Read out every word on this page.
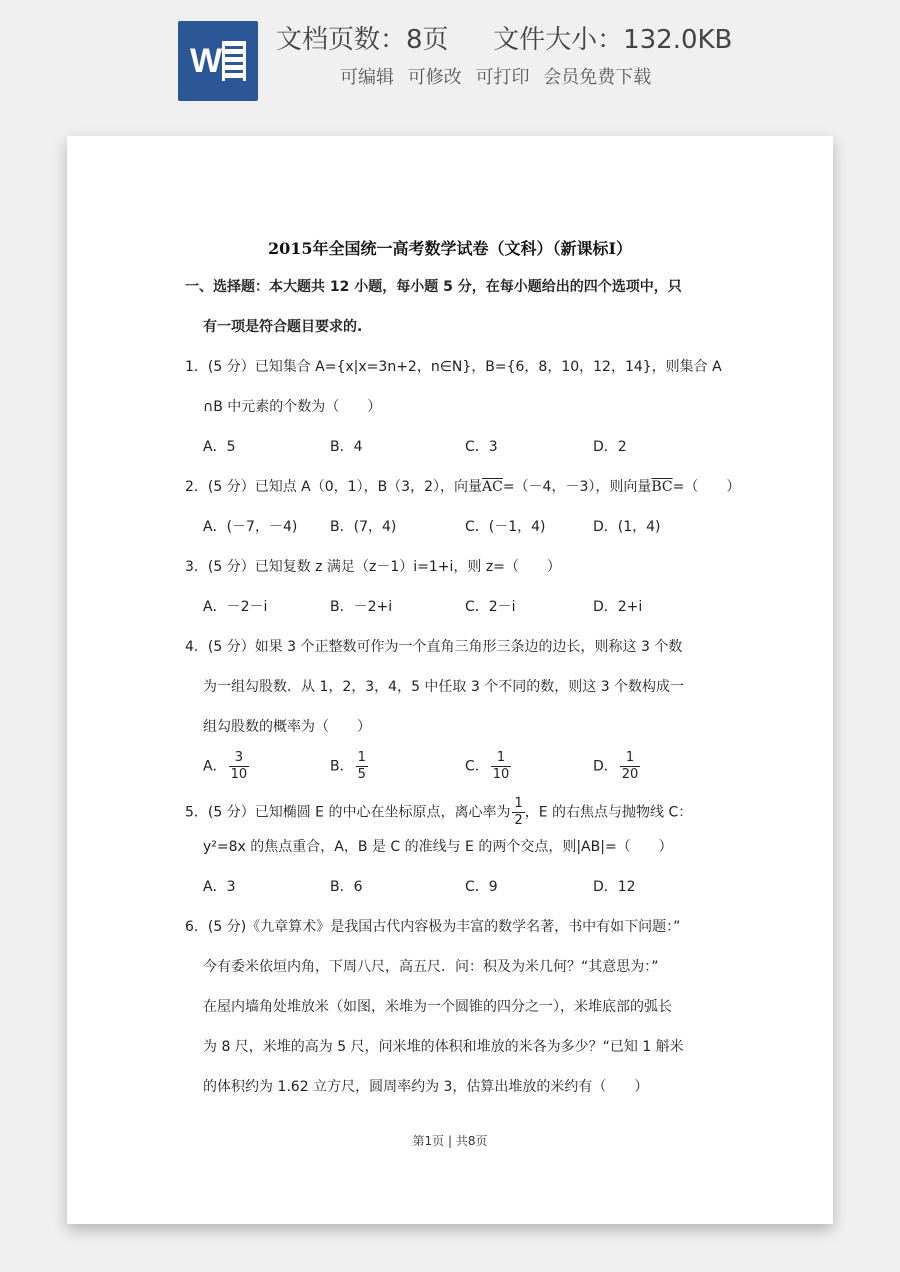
W
文档页数：8页 文件大小：132.0KB
可编辑 可修改 可打印 会员免费下载
2015年全国统一高考数学试卷（文科）（新课标Ⅰ）
一、选择题：本大题共 12 小题，每小题 5 分，在每小题给出的四个选项中，只
有一项是符合题目要求的.
1．(5 分）已知集合 A={x|x=3n+2，n∈N}，B={6，8，10，12，14}，则集合 A
∩B 中元素的个数为（　　）
A．5	B．4	C．3	D．2
2．(5 分）已知点 A（0，1），B（3，2），向量$\overline{AC}=(-4$，－3），则向量$\overline{BC}=$（　　）
A．(－7，－4) B．(7，4)	C．(－1，4)	D．(1，4)
3．(5 分）已知复数 z 满足（z－1）i=1+i，则 z=（　　）
A．－2－i	B．－2+i	C．2－i	D．2+i
4．(5 分）如果 3 个正整数可作为一个直角三角形三条边的边长，则称这 3 个数
为一组勾股数．从 1，2，3，4，5 中任取 3 个不同的数，则这 3 个数构成一
组勾股数的概率为（　　）
A． $\frac{3}{10}$	B． $\frac{1}{5}$	C． $\frac{1}{10}$	D． $\frac{1}{20}$
5．(5 分）已知椭圆 E 的中心在坐标原点，离心率为 $\frac{1}{2}$ ，E 的右焦点与抛物线 C：
y²=8x 的焦点重合，A，B 是 C 的准线与 E 的两个交点，则|AB|=（　　）
A．3	B．6	C．9	D．12
6．(5 分)《九章算术》是我国古代内容极为丰富的数学名著，书中有如下问题：”
今有委米依垣内角，下周八尺，高五尺．问：积及为米几何？“其意思为：”
在屋内墙角处堆放米（如图，米堆为一个圆锥的四分之一），米堆底部的弧长
为 8 尺，米堆的高为 5 尺，问米堆的体积和堆放的米各为多少？“已知 1 斛米
的体积约为 1.62 立方尺，圆周率约为 3，估算出堆放的米约有（　　）
第1页 | 共8页
